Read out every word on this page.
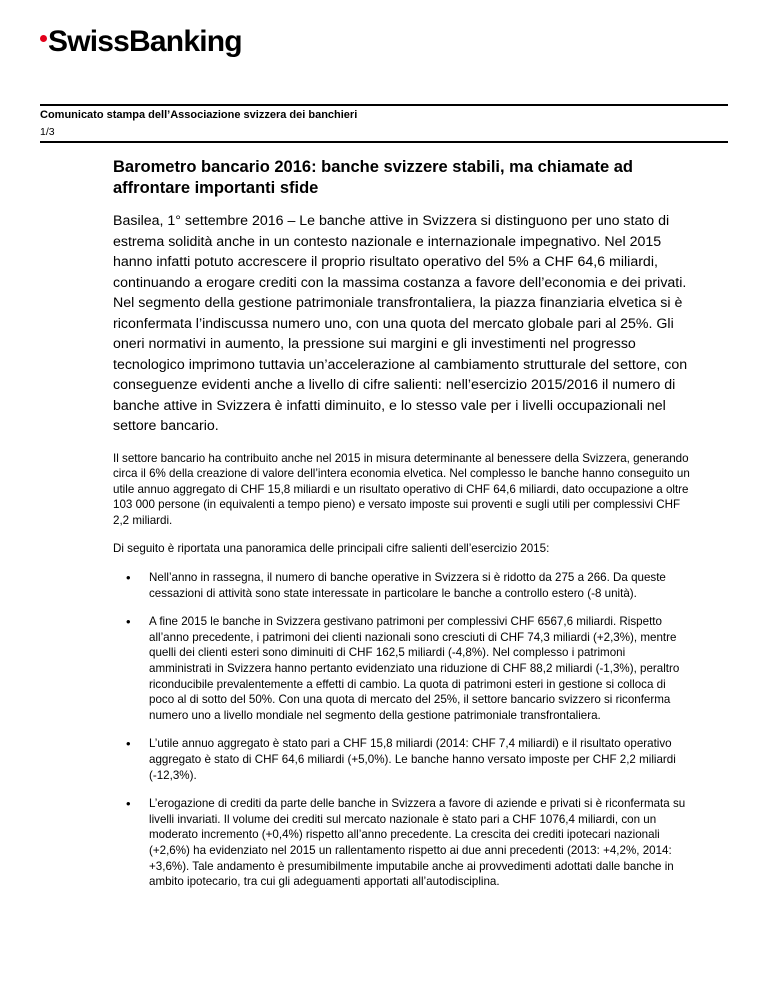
SwissBanking
Comunicato stampa dell’Associazione svizzera dei banchieri
1/3
Barometro bancario 2016: banche svizzere stabili, ma chiamate ad affrontare importanti sfide

Basilea, 1° settembre 2016 – Le banche attive in Svizzera si distinguono per uno stato di estrema solidità anche in un contesto nazionale e internazionale impegnativo. Nel 2015 hanno infatti potuto accrescere il proprio risultato operativo del 5% a CHF 64,6 miliardi, continuando a erogare crediti con la massima costanza a favore dell’economia e dei privati. Nel segmento della gestione patrimoniale transfrontaliera, la piazza finanziaria elvetica si è riconfermata l’indiscussa numero uno, con una quota del mercato globale pari al 25%. Gli oneri normativi in aumento, la pressione sui margini e gli investimenti nel progresso tecnologico imprimono tuttavia un’accelerazione al cambiamento strutturale del settore, con conseguenze evidenti anche a livello di cifre salienti: nell’esercizio 2015/2016 il numero di banche attive in Svizzera è infatti diminuito, e lo stesso vale per i livelli occupazionali nel settore bancario.

Il settore bancario ha contribuito anche nel 2015 in misura determinante al benessere della Svizzera, generando circa il 6% della creazione di valore dell’intera economia elvetica. Nel complesso le banche hanno conseguito un utile annuo aggregato di CHF 15,8 miliardi e un risultato operativo di CHF 64,6 miliardi, dato occupazione a oltre 103 000 persone (in equivalenti a tempo pieno) e versato imposte sui proventi e sugli utili per complessivi CHF 2,2 miliardi.

Di seguito è riportata una panoramica delle principali cifre salienti dell’esercizio 2015:

• Nell’anno in rassegna, il numero di banche operative in Svizzera si è ridotto da 275 a 266. Da queste cessazioni di attività sono state interessate in particolare le banche a controllo estero (-8 unità).
• A fine 2015 le banche in Svizzera gestivano patrimoni per complessivi CHF 6567,6 miliardi. Rispetto all’anno precedente, i patrimoni dei clienti nazionali sono cresciuti di CHF 74,3 miliardi (+2,3%), mentre quelli dei clienti esteri sono diminuiti di CHF 162,5 miliardi (-4,8%). Nel complesso i patrimoni amministrati in Svizzera hanno pertanto evidenziato una riduzione di CHF 88,2 miliardi (-1,3%), peraltro riconducibile prevalentemente a effetti di cambio. La quota di patrimoni esteri in gestione si colloca di poco al di sotto del 50%. Con una quota di mercato del 25%, il settore bancario svizzero si riconferma numero uno a livello mondiale nel segmento della gestione patrimoniale transfrontaliera.
• L’utile annuo aggregato è stato pari a CHF 15,8 miliardi (2014: CHF 7,4 miliardi) e il risultato operativo aggregato è stato di CHF 64,6 miliardi (+5,0%). Le banche hanno versato imposte per CHF 2,2 miliardi (-12,3%).
• L’erogazione di crediti da parte delle banche in Svizzera a favore di aziende e privati si è riconfermata su livelli invariati. Il volume dei crediti sul mercato nazionale è stato pari a CHF 1076,4 miliardi, con un moderato incremento (+0,4%) rispetto all’anno precedente. La crescita dei crediti ipotecari nazionali (+2,6%) ha evidenziato nel 2015 un rallentamento rispetto ai due anni precedenti (2013: +4,2%, 2014: +3,6%). Tale andamento è presumibilmente imputabile anche ai provvedimenti adottati dalle banche in ambito ipotecario, tra cui gli adeguamenti apportati all’autodisciplina.
